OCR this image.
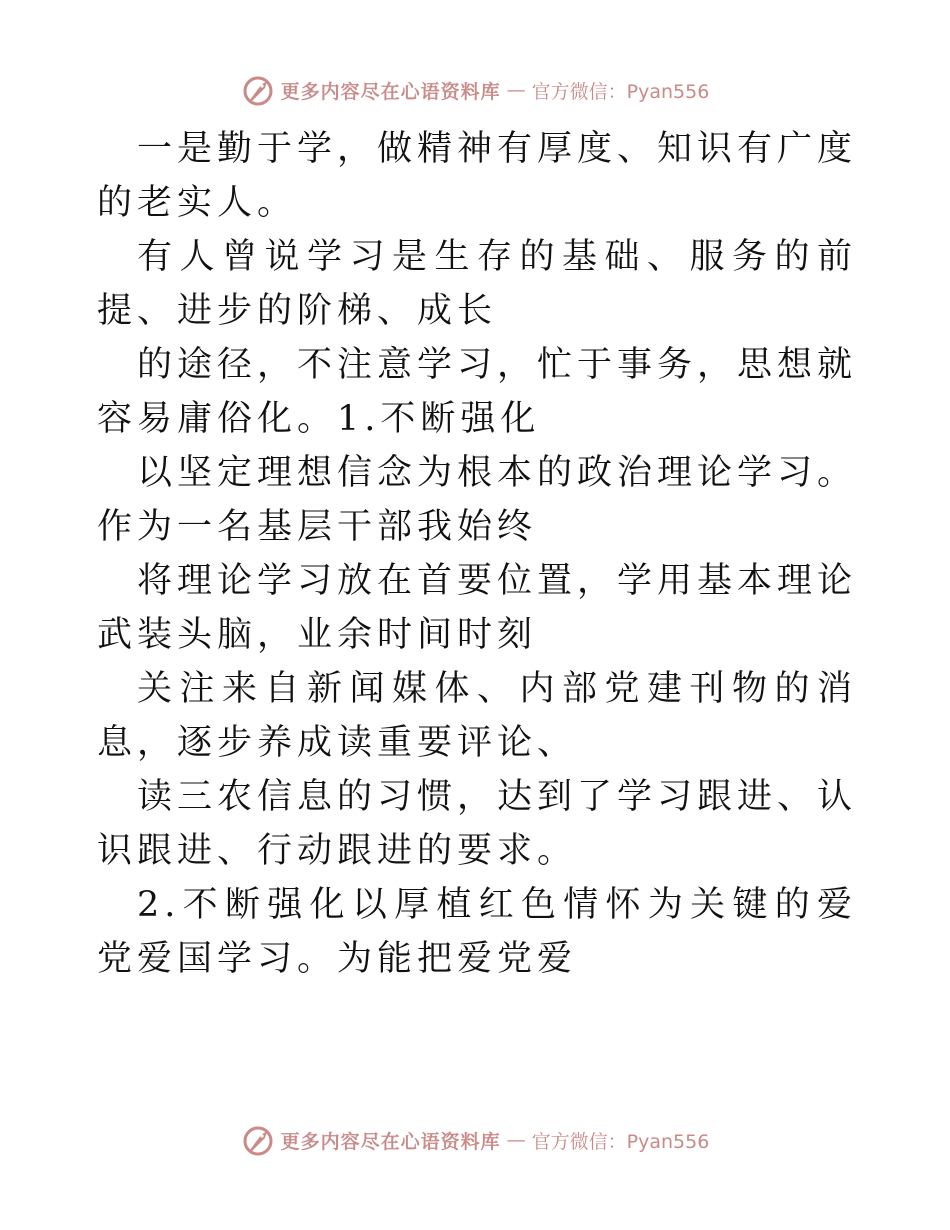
更多内容尽在心语资料库 — 官方微信：Pyan556

一是勤于学，做精神有厚度、知识有广度的老实人。

有人曾说学习是生存的基础、服务的前提、进步的阶梯、成长

的途径，不注意学习，忙于事务，思想就容易庸俗化。1.不断强化

以坚定理想信念为根本的政治理论学习。作为一名基层干部我始终

将理论学习放在首要位置，学用基本理论武装头脑，业余时间时刻

关注来自新闻媒体、内部党建刊物的消息，逐步养成读重要评论、

读三农信息的习惯，达到了学习跟进、认识跟进、行动跟进的要求。

2.不断强化以厚植红色情怀为关键的爱党爱国学习。为能把爱党爱

更多内容尽在心语资料库 — 官方微信：Pyan556
